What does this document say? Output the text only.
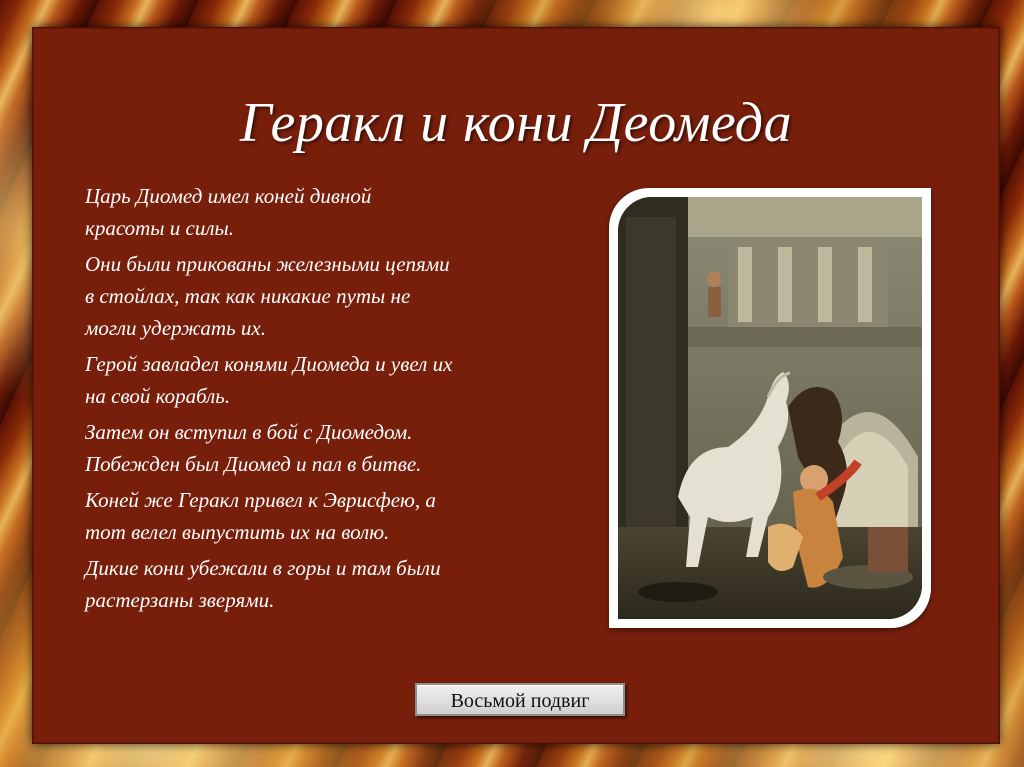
Геракл и кони Деомеда

Царь Диомед имел коней дивной
красоты и силы.

Они были прикованы железными цепями
в стойлах, так как никакие путы не
могли удержать их.

Герой завладел конями Диомеда и увел их
на свой корабль.

Затем он вступил в бой с Диомедом.
Побежден был Диомед и пал в битве.

Коней же Геракл привел к Эврисфею, а
тот велел выпустить их на волю.

Дикие кони убежали в горы и там были
растерзаны зверями.

Восьмой подвиг
